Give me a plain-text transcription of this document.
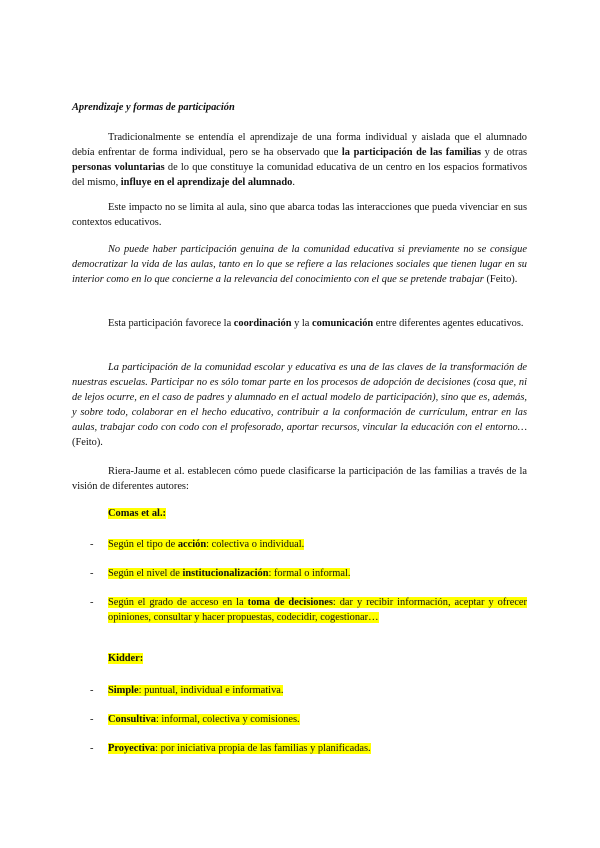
Aprendizaje y formas de participación

Tradicionalmente se entendía el aprendizaje de una forma individual y aislada que el alumnado debía enfrentar de forma individual, pero se ha observado que la participación de las familias y de otras personas voluntarias de lo que constituye la comunidad educativa de un centro en los espacios formativos del mismo, influye en el aprendizaje del alumnado.

Este impacto no se limita al aula, sino que abarca todas las interacciones que pueda vivenciar en sus contextos educativos.

No puede haber participación genuina de la comunidad educativa si previamente no se consigue democratizar la vida de las aulas, tanto en lo que se refiere a las relaciones sociales que tienen lugar en su interior como en lo que concierne a la relevancia del conocimiento con el que se pretende trabajar (Feito).

Esta participación favorece la coordinación y la comunicación entre diferentes agentes educativos.

La participación de la comunidad escolar y educativa es una de las claves de la transformación de nuestras escuelas. Participar no es sólo tomar parte en los procesos de adopción de decisiones (cosa que, ni de lejos ocurre, en el caso de padres y alumnado en el actual modelo de participación), sino que es, además, y sobre todo, colaborar en el hecho educativo, contribuir a la conformación de currículum, entrar en las aulas, trabajar codo con codo con el profesorado, aportar recursos, vincular la educación con el entorno… (Feito).

Riera-Jaume et al. establecen cómo puede clasificarse la participación de las familias a través de la visión de diferentes autores:

Comas et al.:
- Según el tipo de acción: colectiva o individual.
- Según el nivel de institucionalización: formal o informal.
- Según el grado de acceso en la toma de decisiones: dar y recibir información, aceptar y ofrecer opiniones, consultar y hacer propuestas, codecidir, cogestionar…
Kidder:
- Simple: puntual, individual e informativa.
- Consultiva: informal, colectiva y comisiones.
- Proyectiva: por iniciativa propia de las familias y planificadas.
